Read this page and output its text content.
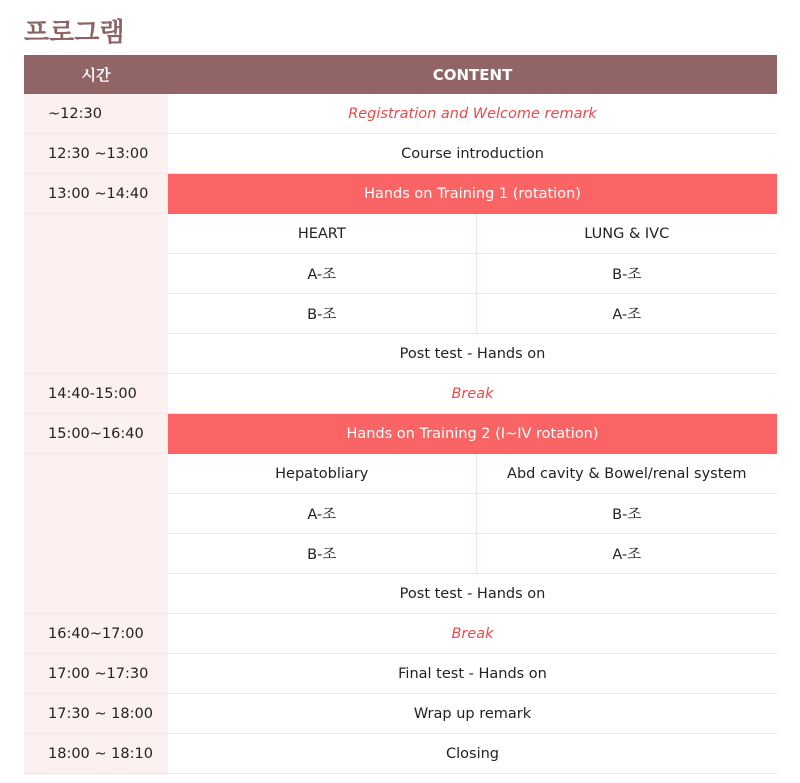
프로그램
시간	CONTENT	
~12:30	Registration and Welcome remark	
12:30 ~13:00	Course introduction	
13:00 ~14:40	Hands on Training 1 (rotation)	
	HEART	LUNG & IVC
	A-조	B-조
	B-조	A-조
	Post test - Hands on	
14:40-15:00	Break	
15:00~16:40	Hands on Training 2 (I~IV rotation)	
	Hepatobliary	Abd cavity & Bowel/renal system
	A-조	B-조
	B-조	A-조
	Post test - Hands on	
16:40~17:00	Break	
17:00 ~17:30	Final test - Hands on	
17:30 ~ 18:00	Wrap up remark	
18:00 ~ 18:10	Closing	
